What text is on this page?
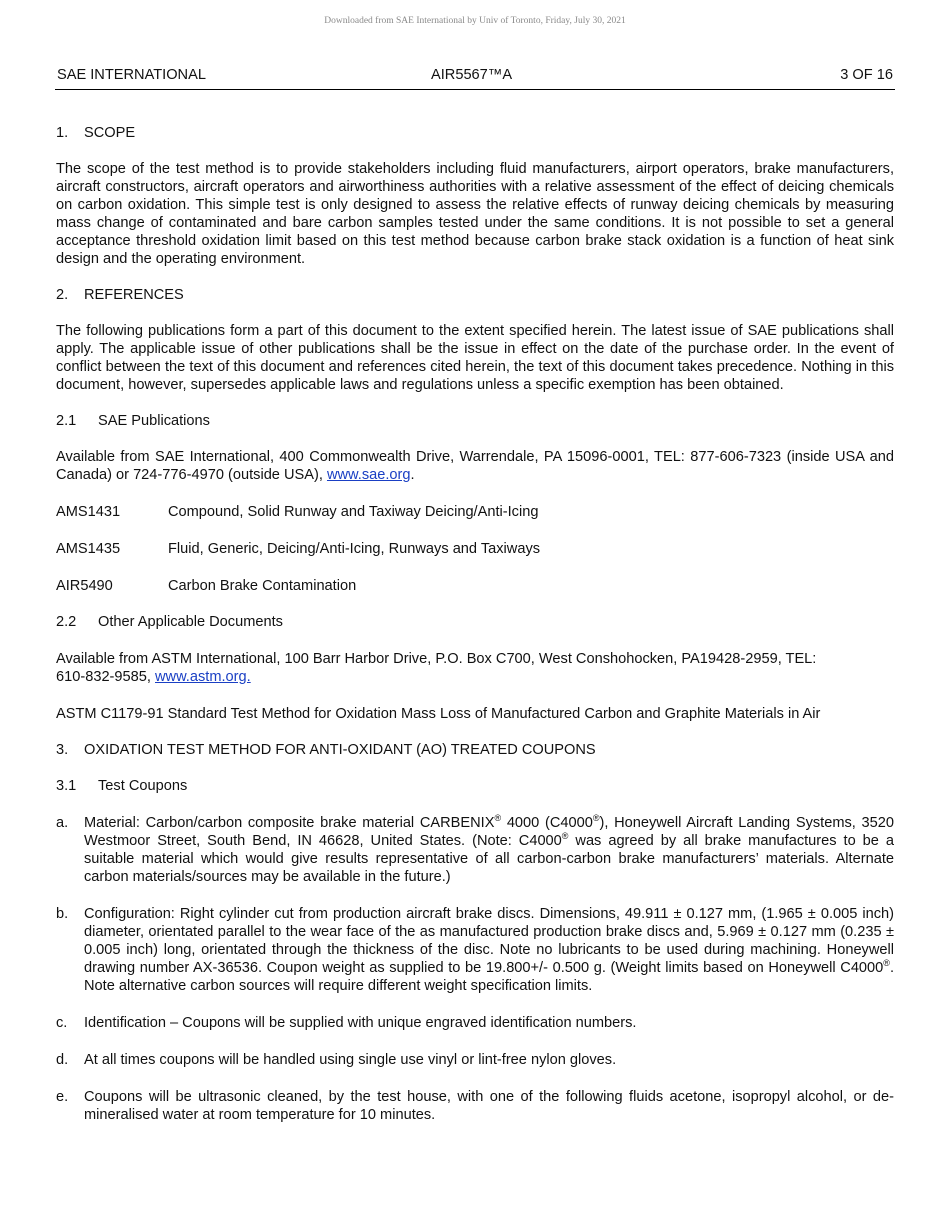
Downloaded from SAE International by Univ of Toronto, Friday, July 30, 2021
SAE INTERNATIONAL	AIR5567™A	3 OF 16
1.	SCOPE

The scope of the test method is to provide stakeholders including fluid manufacturers, airport operators, brake manufacturers, aircraft constructors, aircraft operators and airworthiness authorities with a relative assessment of the effect of deicing chemicals on carbon oxidation. This simple test is only designed to assess the relative effects of runway deicing chemicals by measuring mass change of contaminated and bare carbon samples tested under the same conditions. It is not possible to set a general acceptance threshold oxidation limit based on this test method because carbon brake stack oxidation is a function of heat sink design and the operating environment.

2.	REFERENCES

The following publications form a part of this document to the extent specified herein. The latest issue of SAE publications shall apply. The applicable issue of other publications shall be the issue in effect on the date of the purchase order. In the event of conflict between the text of this document and references cited herein, the text of this document takes precedence. Nothing in this document, however, supersedes applicable laws and regulations unless a specific exemption has been obtained.

2.1	SAE Publications

Available from SAE International, 400 Commonwealth Drive, Warrendale, PA 15096-0001, TEL: 877-606-7323 (inside USA and Canada) or 724-776-4970 (outside USA), www.sae.org.

AMS1431	Compound, Solid Runway and Taxiway Deicing/Anti-Icing
AMS1435	Fluid, Generic, Deicing/Anti-Icing, Runways and Taxiways
AIR5490	Carbon Brake Contamination
2.2	Other Applicable Documents

Available from ASTM International, 100 Barr Harbor Drive, P.O. Box C700, West Conshohocken, PA19428-2959, TEL:
610-832-9585, www.astm.org.

ASTM C1179-91 Standard Test Method for Oxidation Mass Loss of Manufactured Carbon and Graphite Materials in Air

3.	OXIDATION TEST METHOD FOR ANTI-OXIDANT (AO) TREATED COUPONS
3.1	Test Coupons
a.	Material: Carbon/carbon composite brake material CARBENIX® 4000 (C4000®), Honeywell Aircraft Landing Systems, 3520 Westmoor Street, South Bend, IN 46628, United States. (Note: C4000® was agreed by all brake manufactures to be a suitable material which would give results representative of all carbon-carbon brake manufacturers’ materials. Alternate carbon materials/sources may be available in the future.)
b.	Configuration: Right cylinder cut from production aircraft brake discs. Dimensions, 49.911 ± 0.127 mm, (1.965 ± 0.005 inch) diameter, orientated parallel to the wear face of the as manufactured production brake discs and, 5.969 ± 0.127 mm (0.235 ± 0.005 inch) long, orientated through the thickness of the disc. Note no lubricants to be used during machining. Honeywell drawing number AX-36536. Coupon weight as supplied to be 19.800+/- 0.500 g. (Weight limits based on Honeywell C4000®. Note alternative carbon sources will require different weight specification limits.
c.	Identification – Coupons will be supplied with unique engraved identification numbers.
d.	At all times coupons will be handled using single use vinyl or lint-free nylon gloves.
e.	Coupons will be ultrasonic cleaned, by the test house, with one of the following fluids acetone, isopropyl alcohol, or de-mineralised water at room temperature for 10 minutes.
